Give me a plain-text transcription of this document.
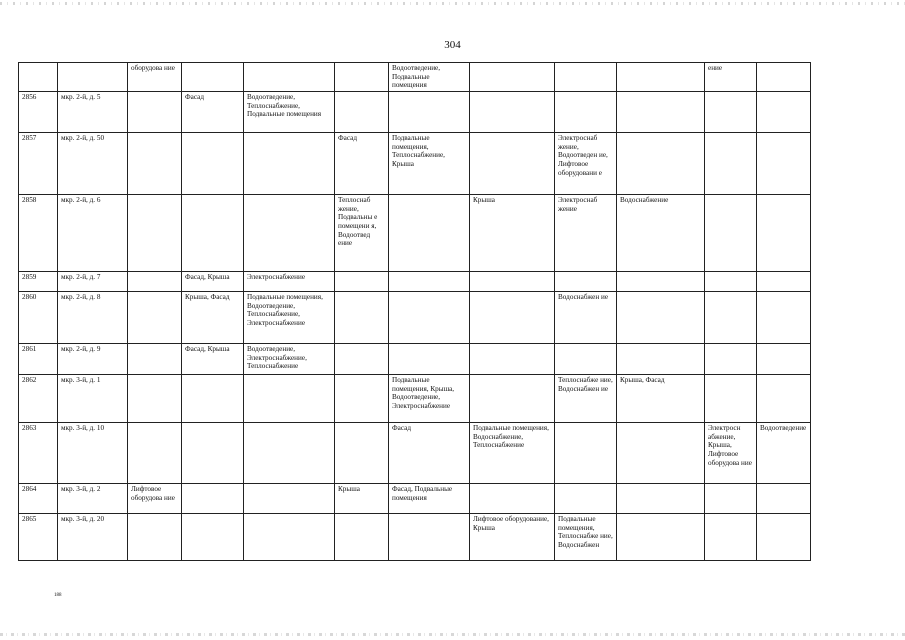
304
		оборудова ние				Водоотведение, Подвальные помещения				ение	
2856	мкр. 2-й, д. 5		Фасад	Водоотведение, Теплоснабжение, Подвальные помещения							
2857	мкр. 2-й, д. 50				Фасад	Подвальные помещения, Теплоснабжение, Крыша		Электроснаб жение, Водоотведен ие, Лифтовое оборудовани е			
2858	мкр. 2-й, д. 6				Теплоснаб жение, Подвальны е помещени я, Водоотвед ение		Крыша	Электроснаб жение	Водоснабжение		
2859	мкр. 2-й, д. 7		Фасад, Крыша	Электроснабжение							
2860	мкр. 2-й, д. 8		Крыша, Фасад	Подвальные помещения, Водоотведение, Теплоснабжение, Электроснабжение				Водоснабжен ие			
2861	мкр. 2-й, д. 9		Фасад, Крыша	Водоотведение, Электроснабжение, Теплоснабжение							
2862	мкр. 3-й, д. 1					Подвальные помещения, Крыша, Водоотведение, Электроснабжение		Теплоснабже ние, Водоснабжен ие	Крыша, Фасад		
2863	мкр. 3-й, д. 10					Фасад	Подвальные помещения, Водоснабжение, Теплоснабжение			Электросн абжение, Крыша, Лифтовое оборудова ние	Водоотведение
2864	мкр. 3-й, д. 2	Лифтовое оборудова ние			Крыша	Фасад, Подвальные помещения					
2865	мкр. 3-й, д. 20						Лифтовое оборудование, Крыша	Подвальные помещения, Теплоснабже ние, Водоснабжен			
188
